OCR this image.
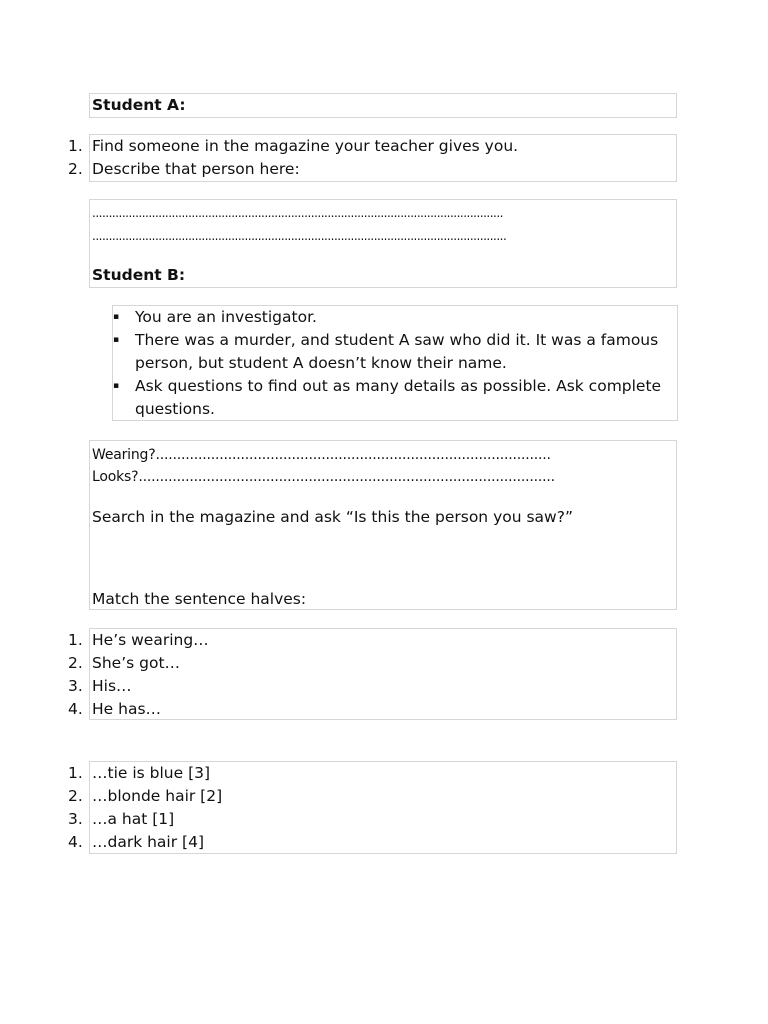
Student A:
1. Find someone in the magazine your teacher gives you.
2. Describe that person here:
............................................................................................................................
.............................................................................................................................
Student B:
▪ You are an investigator.
▪ There was a murder, and student A saw who did it. It was a famous person, but student A doesn’t know their name.
▪ Ask questions to find out as many details as possible. Ask complete questions.
Wearing?.............................................................................................
Looks?..................................................................................................
Search in the magazine and ask “Is this the person you saw?”
Match the sentence halves:
1. He’s wearing…
2. She’s got…
3. His…
4. He has…
1. …tie is blue [3]
2. …blonde hair [2]
3. …a hat [1]
4. …dark hair [4]
